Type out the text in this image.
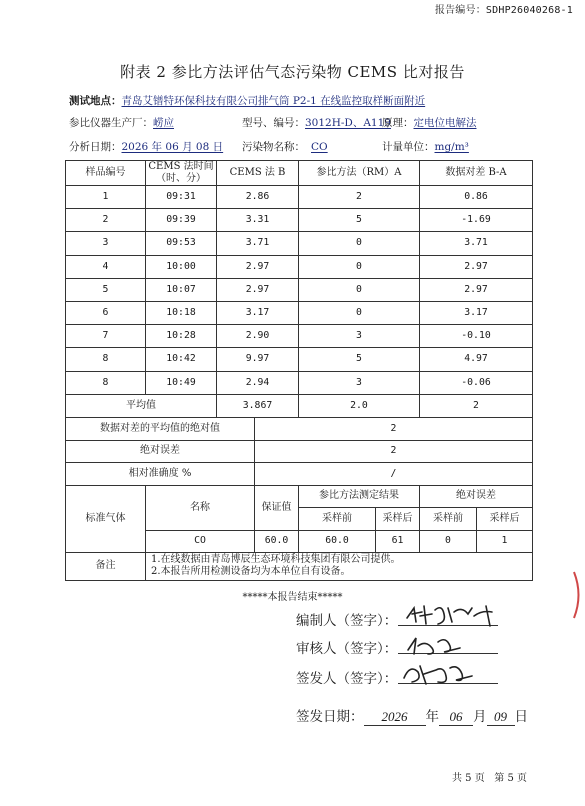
报告编号：SDHP26040268-1
附表 2 参比方法评估气态污染物 CEMS 比对报告
测试地点：青岛艾镨特环保科技有限公司排气筒 P2-1 在线监控取样断面附近
参比仪器生产厂：崂应	型号、编号：3012H-D、A119
原理：定电位电解法
分析日期：2026 年 06 月 08 日 污染物名称： CO	计量单位：mg/m³
样品编号	CEMS 法时间（时、分）	CEMS 法 B		参比方法（RM）A		数据对差 B-A	
1	09:31	2.86		2		0.86	
2	09:39	3.31		5		-1.69	
3	09:53	3.71		0		3.71	
4	10:00	2.97		0		2.97	
5	10:07	2.97		0		2.97	
6	10:18	3.17		0		3.17	
7	10:28	2.90		3		-0.10	
8	10:42	9.97		5		4.97	
8	10:49	2.94		3		-0.06	
平均值		3.867		2.0		2	
数据对差的平均值的绝对值			2				
绝对误差			2				
相对准确度 %			/				
标准气体	名称		保证值	参比方法测定结果		绝对误差	
				采样前	采样后	采样前	采样后
	CO		60.0	60.0	61	0	1
备注	1.在线数据由青岛博辰生态环境科技集团有限公司提供。
2.本报告所用检测设备均为本单位自有设备。						
*****本报告结束*****
编制人（签字）：
审核人（签字）：
签发人（签字）：
签发日期： 2026 年 06 月 09 日
共 5 页 第 5 页
